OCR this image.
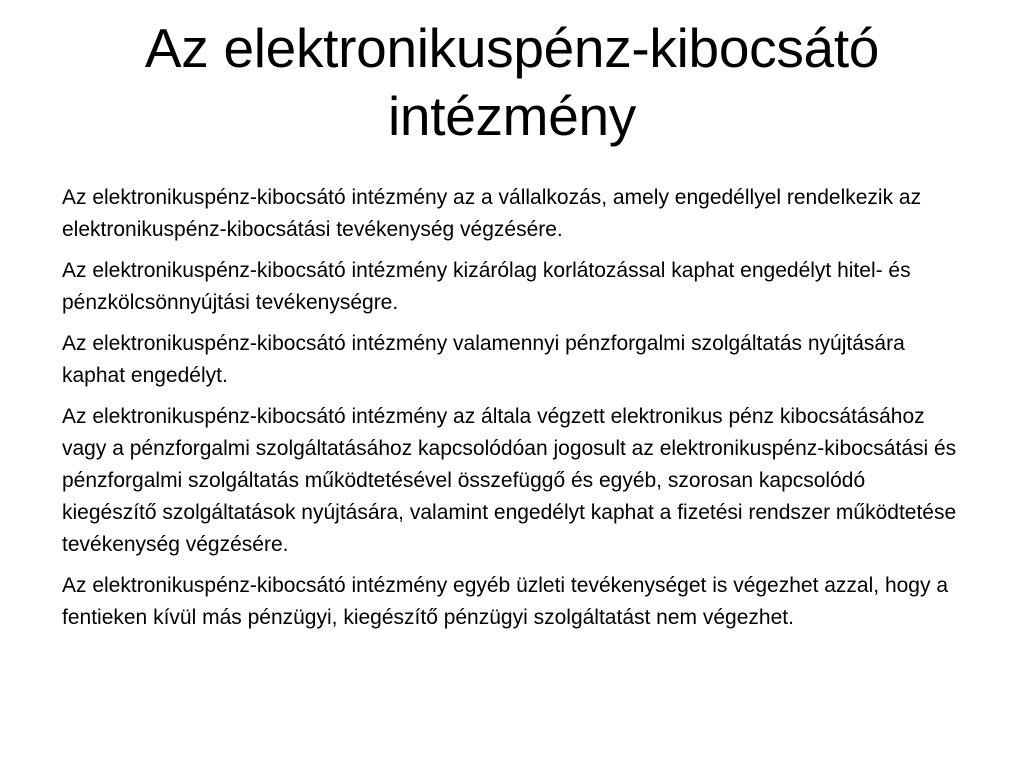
Az elektronikuspénz-kibocsátó intézmény

Az elektronikuspénz-kibocsátó intézmény az a vállalkozás, amely engedéllyel rendelkezik az elektronikuspénz-kibocsátási tevékenység végzésére.

Az elektronikuspénz-kibocsátó intézmény kizárólag korlátozással kaphat engedélyt hitel- és pénzkölcsönnyújtási tevékenységre.

Az elektronikuspénz-kibocsátó intézmény valamennyi pénzforgalmi szolgáltatás nyújtására kaphat engedélyt.

Az elektronikuspénz-kibocsátó intézmény az általa végzett elektronikus pénz kibocsátásához vagy a pénzforgalmi szolgáltatásához kapcsolódóan jogosult az elektronikuspénz-kibocsátási és pénzforgalmi szolgáltatás működtetésével összefüggő és egyéb, szorosan kapcsolódó kiegészítő szolgáltatások nyújtására, valamint engedélyt kaphat a fizetési rendszer működtetése tevékenység végzésére.

Az elektronikuspénz-kibocsátó intézmény egyéb üzleti tevékenységet is végezhet azzal, hogy a fentieken kívül más pénzügyi, kiegészítő pénzügyi szolgáltatást nem végezhet.
